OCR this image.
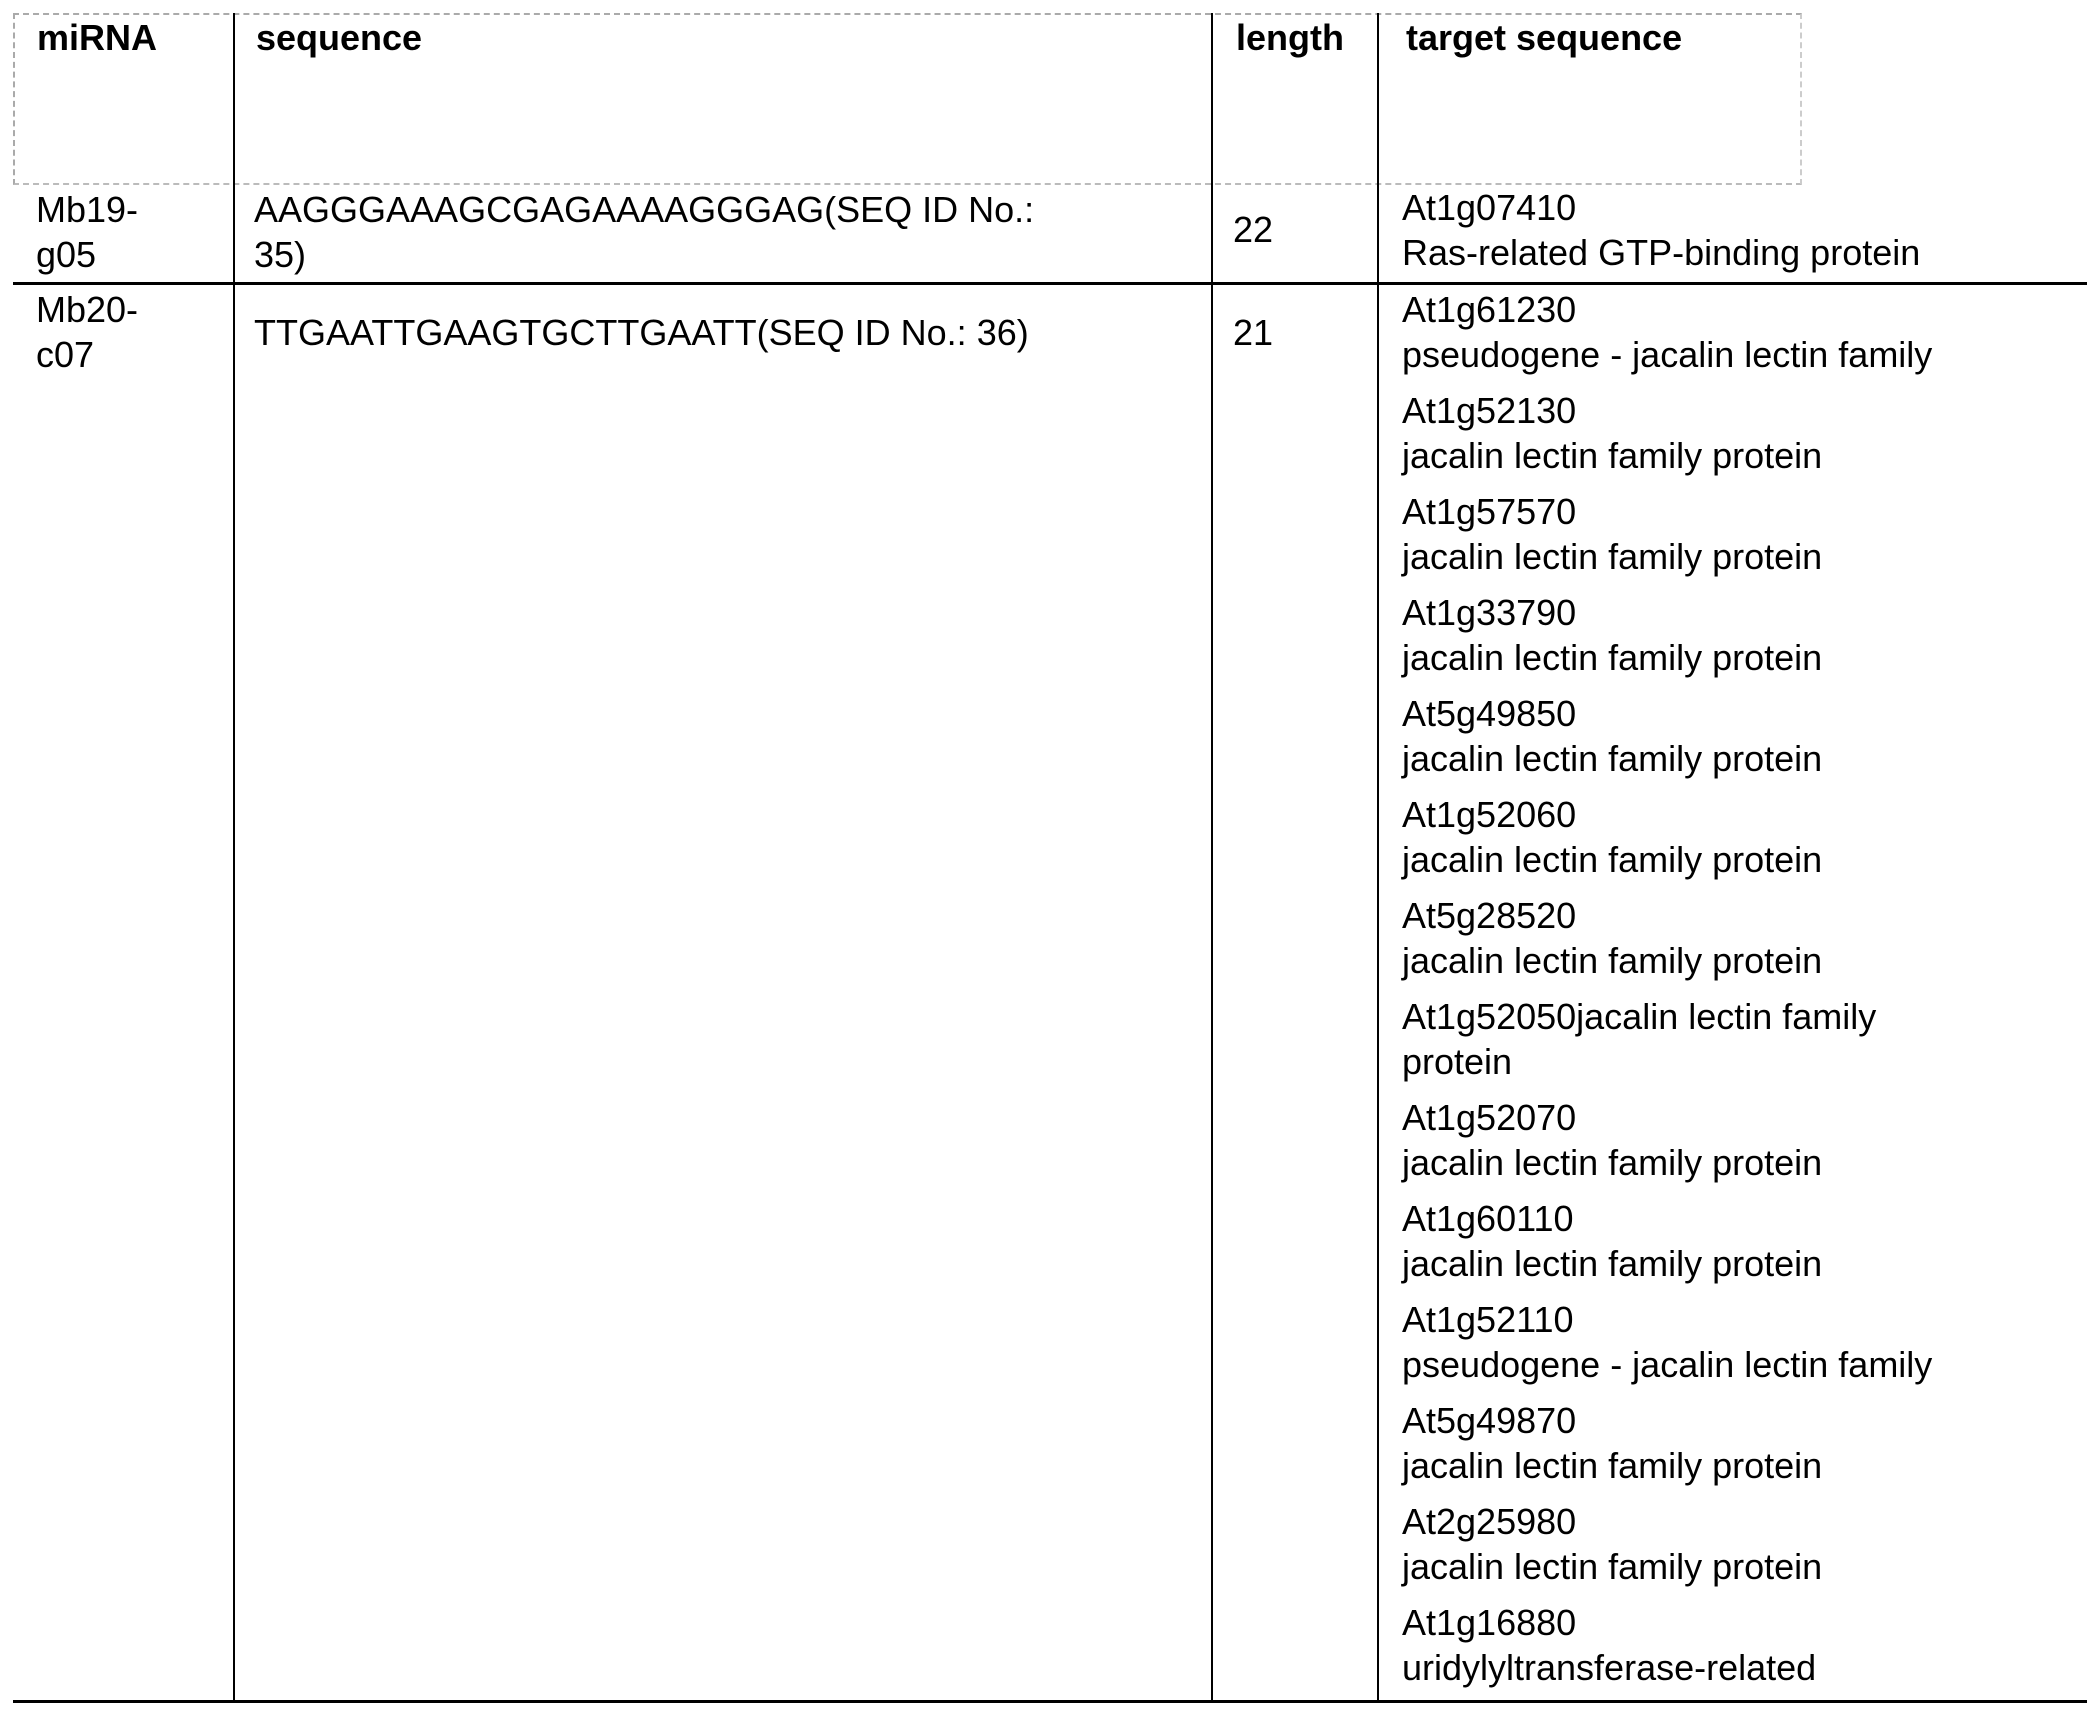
miRNA	sequence	length	target sequence
Mb19-
g05
AAGGGAAAGCGAGAAAAGGGAG(SEQ ID No.:
35)
22
At1g07410
Ras-related GTP-binding protein
Mb20-
c07
TTGAATTGAAGTGCTTGAATT(SEQ ID No.: 36)	21
At1g61230
pseudogene - jacalin lectin family
At1g52130
jacalin lectin family protein
At1g57570
jacalin lectin family protein
At1g33790
jacalin lectin family protein
At5g49850
jacalin lectin family protein
At1g52060
jacalin lectin family protein
At5g28520
jacalin lectin family protein
At1g52050jacalin lectin family
protein
At1g52070
jacalin lectin family protein
At1g60110
jacalin lectin family protein
At1g52110
pseudogene - jacalin lectin family
At5g49870
jacalin lectin family protein
At2g25980
jacalin lectin family protein
At1g16880
uridylyltransferase-related
